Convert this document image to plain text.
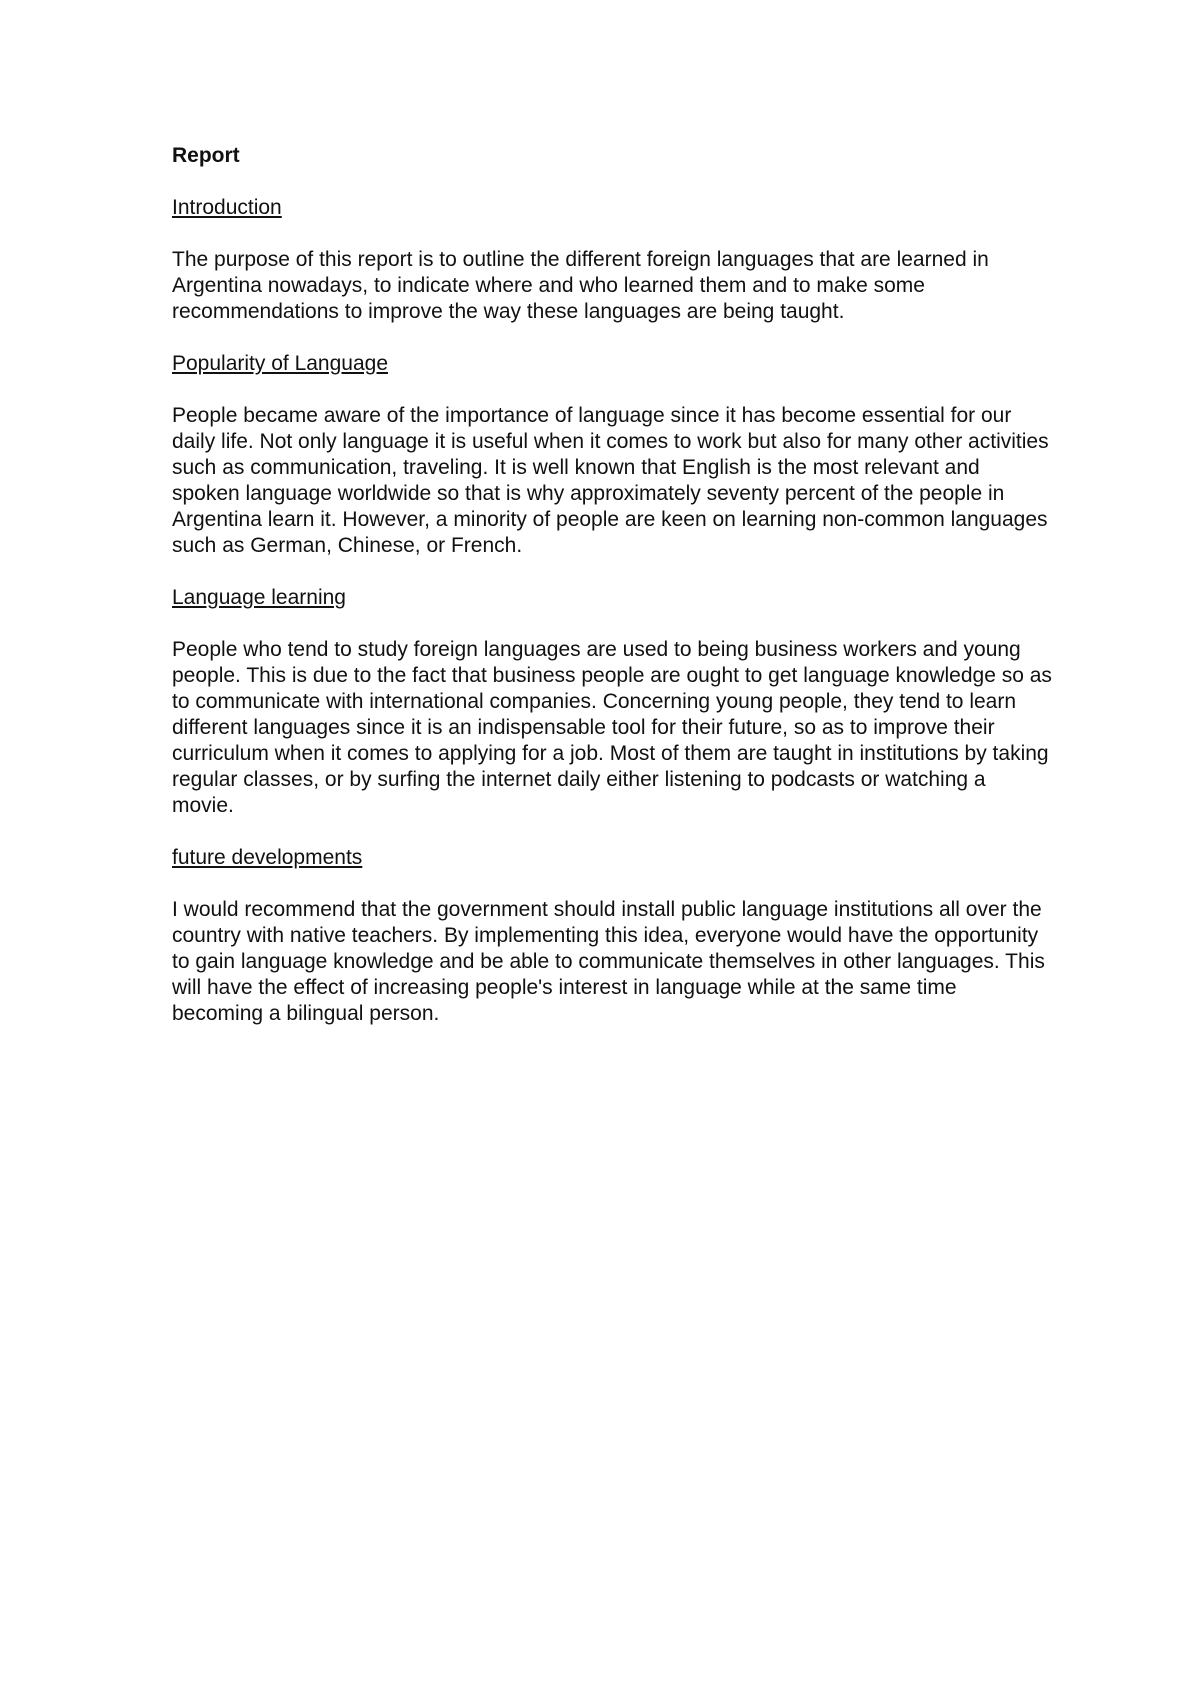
Report
Introduction

The purpose of this report is to outline the different foreign languages that are learned in Argentina nowadays, to indicate where and who learned them and to make some recommendations to improve the way these languages are being taught.

Popularity of Language

People became aware of the importance of language since it has become essential for our daily life. Not only language it is useful when it comes to work but also for many other activities such as communication, traveling. It is well known that English is the most relevant and spoken language worldwide so that is why approximately seventy percent of the people in Argentina learn it. However, a minority of people are keen on learning non-common languages such as German, Chinese, or French.

Language learning

People who tend to study foreign languages are used to being business workers and young people. This is due to the fact that business people are ought to get language knowledge so as to communicate with international companies. Concerning young people, they tend to learn different languages since it is an indispensable tool for their future, so as to improve their curriculum when it comes to applying for a job. Most of them are taught in institutions by taking regular classes, or by surfing the internet daily either listening to podcasts or watching a movie.

future developments

I would recommend that the government should install public language institutions all over the country with native teachers. By implementing this idea, everyone would have the opportunity to gain language knowledge and be able to communicate themselves in other languages. This will have the effect of increasing people's interest in language while at the same time becoming a bilingual person.
